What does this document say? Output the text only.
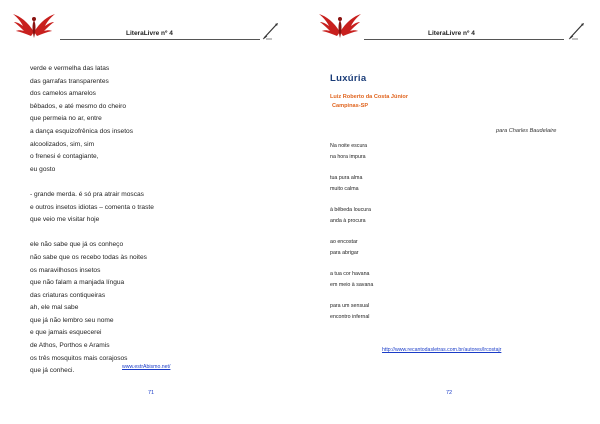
LiteraLivre nº 4
verde e vermelha das latas
das garrafas transparentes
dos camelos amarelos
bêbados, e até mesmo do cheiro
que permeia no ar, entre
a dança esquizofrênica dos insetos
alcoolizados, sim, sim
o frenesi é contagiante,
eu gosto
- grande merda. é só pra atrair moscas
e outros insetos idiotas – comenta o traste
que veio me visitar hoje
ele não sabe que já os conheço
não sabe que os recebo todas às noites
os maravilhosos insetos
que não falam a manjada língua
das criaturas contiqueiras
ah, ele mal sabe
que já não lembro seu nome
e que jamais esquecerei
de Athos, Porthos e Aramis
os três mosquitos mais corajosos
que já conheci.
www.estrAbismo.net/
71
LiteraLivre nº 4
Luxúria
Luiz Roberto da Costa Júnior
Campinas-SP
para Charles Baudelaire
Na noite escura
na hora impura
tua pura alma
muito calma
à bêbeda loucura
anda à procura
ao encostar
para abrigar
a tua cor havana
em meio à savana
para um sensual
encontro infernal
http://www.recantodasletras.com.br/autores/lrcostajr
72
